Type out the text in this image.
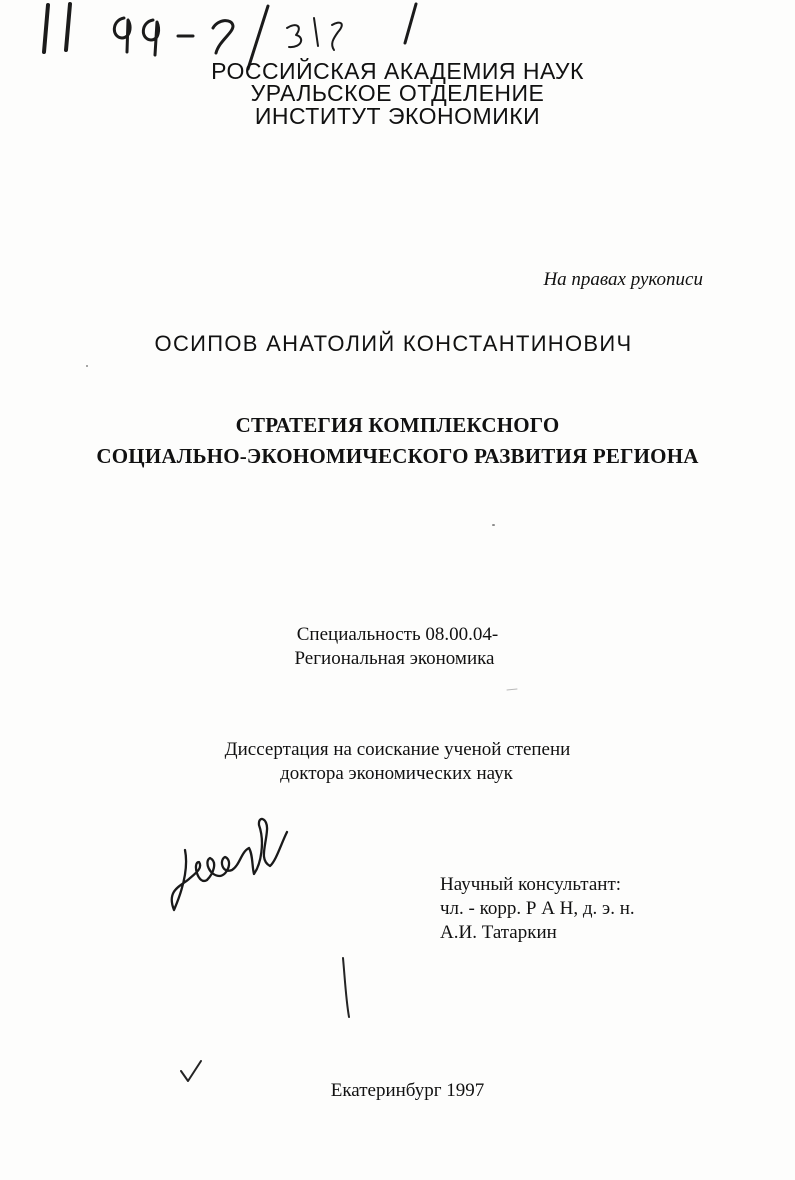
РОССИЙСКАЯ АКАДЕМИЯ НАУК
УРАЛЬСКОЕ ОТДЕЛЕНИЕ
ИНСТИТУТ ЭКОНОМИКИ
На правах рукописи
ОСИПОВ АНАТОЛИЙ КОНСТАНТИНОВИЧ
СТРАТЕГИЯ КОМПЛЕКСНОГО
СОЦИАЛЬНО-ЭКОНОМИЧЕСКОГО РАЗВИТИЯ РЕГИОНА
Специальность 08.00.04-
Региональная экономика
Диссертация на соискание ученой степени
доктора экономических наук
Научный консультант:
чл. - корр. Р А Н, д. э. н.
А.И. Татаркин
Екатеринбург 1997
